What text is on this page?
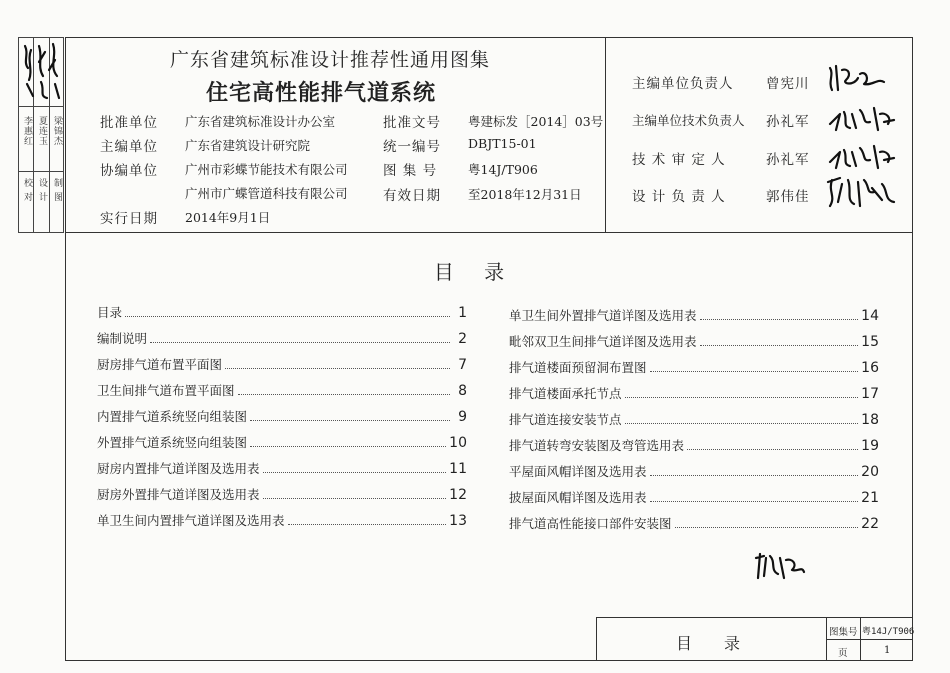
校 对 设 计 制 图
李惠红 夏连玉 梁锦杰
广东省建筑标准设计推荐性通用图集
住宅高性能排气道系统
批准单位 广东省建筑标准设计办公室
主编单位 广东省建筑设计研究院
协编单位 广州市彩蝶节能技术有限公司
广州市广蝶管道科技有限公司
实行日期 2014年9月1日
批准文号 粤建标发［2014］03号
统一编号 DBJT15-01
图 集 号 粤14J/T906
有效日期 至2018年12月31日
主编单位负责人 曾宪川
主编单位技术负责人 孙礼军
技 术 审 定 人	孙礼军
设 计 负 责 人	郭伟佳
目 录
目录	1
编制说明	2
厨房排气道布置平面图	7
卫生间排气道布置平面图	8
内置排气道系统竖向组装图	9
外置排气道系统竖向组装图	10
厨房内置排气道详图及选用表	11
厨房外置排气道详图及选用表	12
单卫生间内置排气道详图及选用表	13
单卫生间外置排气道详图及选用表	14
毗邻双卫生间排气道详图及选用表	15
排气道楼面预留洞布置图	16
排气道楼面承托节点	17
排气道连接安装节点	18
排气道转弯安装图及弯管选用表	19
平屋面风帽详图及选用表	20
披屋面风帽详图及选用表	21
排气道高性能接口部件安装图	22
目　　录
图集号 粤14J/T906
页	1
